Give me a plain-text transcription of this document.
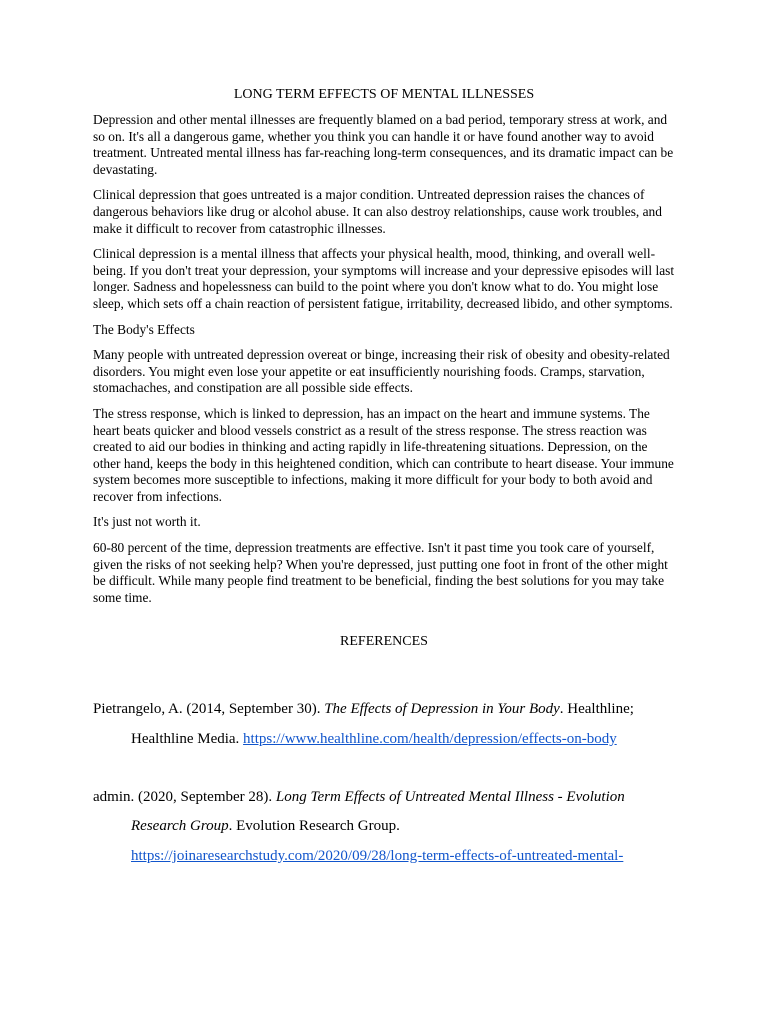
LONG TERM EFFECTS OF MENTAL ILLNESSES

Depression and other mental illnesses are frequently blamed on a bad period, temporary stress at work, and so on. It's all a dangerous game, whether you think you can handle it or have found another way to avoid treatment. Untreated mental illness has far-reaching long-term consequences, and its dramatic impact can be devastating.

Clinical depression that goes untreated is a major condition. Untreated depression raises the chances of dangerous behaviors like drug or alcohol abuse. It can also destroy relationships, cause work troubles, and make it difficult to recover from catastrophic illnesses.

Clinical depression is a mental illness that affects your physical health, mood, thinking, and overall well-being. If you don't treat your depression, your symptoms will increase and your depressive episodes will last longer. Sadness and hopelessness can build to the point where you don't know what to do. You might lose sleep, which sets off a chain reaction of persistent fatigue, irritability, decreased libido, and other symptoms.

The Body's Effects

Many people with untreated depression overeat or binge, increasing their risk of obesity and obesity-related disorders. You might even lose your appetite or eat insufficiently nourishing foods. Cramps, starvation, stomachaches, and constipation are all possible side effects.

The stress response, which is linked to depression, has an impact on the heart and immune systems. The heart beats quicker and blood vessels constrict as a result of the stress response. The stress reaction was created to aid our bodies in thinking and acting rapidly in life-threatening situations. Depression, on the other hand, keeps the body in this heightened condition, which can contribute to heart disease. Your immune system becomes more susceptible to infections, making it more difficult for your body to both avoid and recover from infections.

It's just not worth it.

60-80 percent of the time, depression treatments are effective. Isn't it past time you took care of yourself, given the risks of not seeking help? When you're depressed, just putting one foot in front of the other might be difficult. While many people find treatment to be beneficial, finding the best solutions for you may take some time.

REFERENCES

Pietrangelo, A. (2014, September 30). The Effects of Depression in Your Body. Healthline; Healthline Media. https://www.healthline.com/health/depression/effects-on-body

admin. (2020, September 28). Long Term Effects of Untreated Mental Illness - Evolution Research Group. Evolution Research Group. https://joinaresearchstudy.com/2020/09/28/long-term-effects-of-untreated-mental-
